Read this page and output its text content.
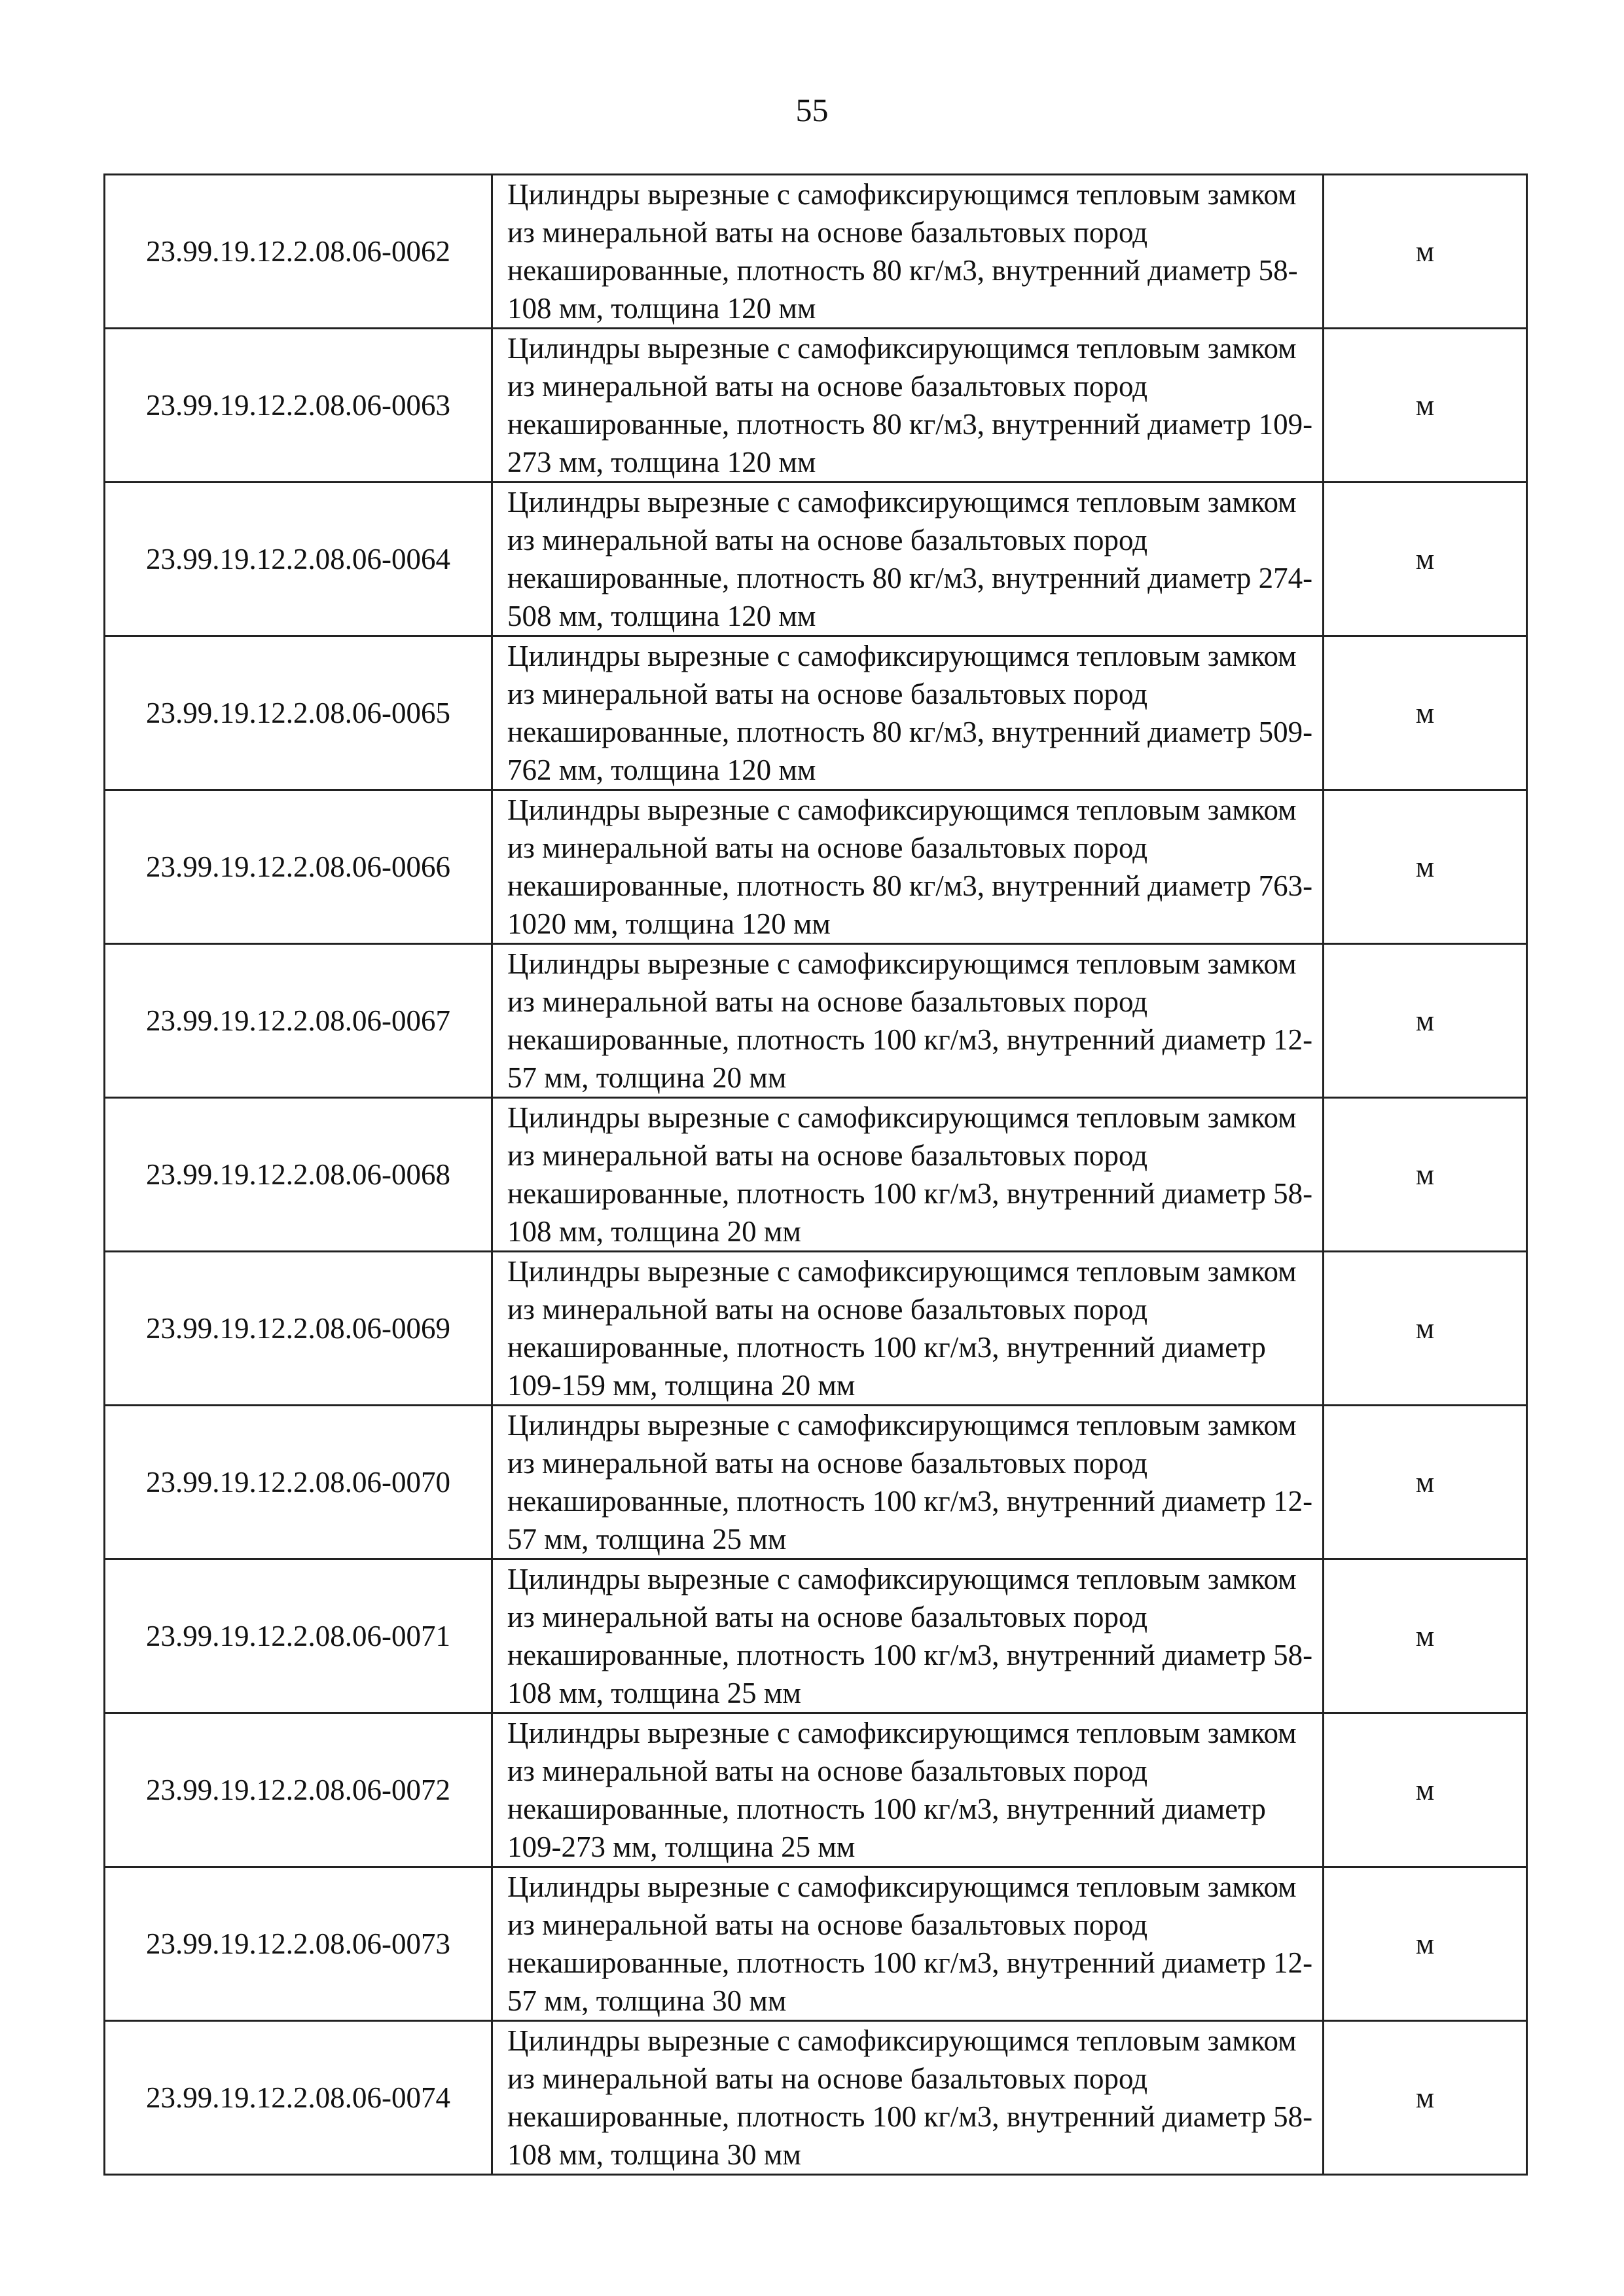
55
23.99.19.12.2.08.06-0062	Цилиндры вырезные с самофиксирующимся тепловым замком из минеральной ваты на основе базальтовых пород некашированные, плотность 80 кг/м3, внутренний диаметр 58-108 мм, толщина 120 мм	м
23.99.19.12.2.08.06-0063	Цилиндры вырезные с самофиксирующимся тепловым замком из минеральной ваты на основе базальтовых пород некашированные, плотность 80 кг/м3, внутренний диаметр 109-273 мм, толщина 120 мм	м
23.99.19.12.2.08.06-0064	Цилиндры вырезные с самофиксирующимся тепловым замком из минеральной ваты на основе базальтовых пород некашированные, плотность 80 кг/м3, внутренний диаметр 274-508 мм, толщина 120 мм	м
23.99.19.12.2.08.06-0065	Цилиндры вырезные с самофиксирующимся тепловым замком из минеральной ваты на основе базальтовых пород некашированные, плотность 80 кг/м3, внутренний диаметр 509-762 мм, толщина 120 мм	м
23.99.19.12.2.08.06-0066	Цилиндры вырезные с самофиксирующимся тепловым замком из минеральной ваты на основе базальтовых пород некашированные, плотность 80 кг/м3, внутренний диаметр 763-1020 мм, толщина 120 мм	м
23.99.19.12.2.08.06-0067	Цилиндры вырезные с самофиксирующимся тепловым замком из минеральной ваты на основе базальтовых пород некашированные, плотность 100 кг/м3, внутренний диаметр 12-57 мм, толщина 20 мм	м
23.99.19.12.2.08.06-0068	Цилиндры вырезные с самофиксирующимся тепловым замком из минеральной ваты на основе базальтовых пород некашированные, плотность 100 кг/м3, внутренний диаметр 58-108 мм, толщина 20 мм	м
23.99.19.12.2.08.06-0069	Цилиндры вырезные с самофиксирующимся тепловым замком из минеральной ваты на основе базальтовых пород некашированные, плотность 100 кг/м3, внутренний диаметр 109-159 мм, толщина 20 мм	м
23.99.19.12.2.08.06-0070	Цилиндры вырезные с самофиксирующимся тепловым замком из минеральной ваты на основе базальтовых пород некашированные, плотность 100 кг/м3, внутренний диаметр 12-57 мм, толщина 25 мм	м
23.99.19.12.2.08.06-0071	Цилиндры вырезные с самофиксирующимся тепловым замком из минеральной ваты на основе базальтовых пород некашированные, плотность 100 кг/м3, внутренний диаметр 58-108 мм, толщина 25 мм	м
23.99.19.12.2.08.06-0072	Цилиндры вырезные с самофиксирующимся тепловым замком из минеральной ваты на основе базальтовых пород некашированные, плотность 100 кг/м3, внутренний диаметр 109-273 мм, толщина 25 мм	м
23.99.19.12.2.08.06-0073	Цилиндры вырезные с самофиксирующимся тепловым замком из минеральной ваты на основе базальтовых пород некашированные, плотность 100 кг/м3, внутренний диаметр 12-57 мм, толщина 30 мм	м
23.99.19.12.2.08.06-0074	Цилиндры вырезные с самофиксирующимся тепловым замком из минеральной ваты на основе базальтовых пород некашированные, плотность 100 кг/м3, внутренний диаметр 58-108 мм, толщина 30 мм	м
